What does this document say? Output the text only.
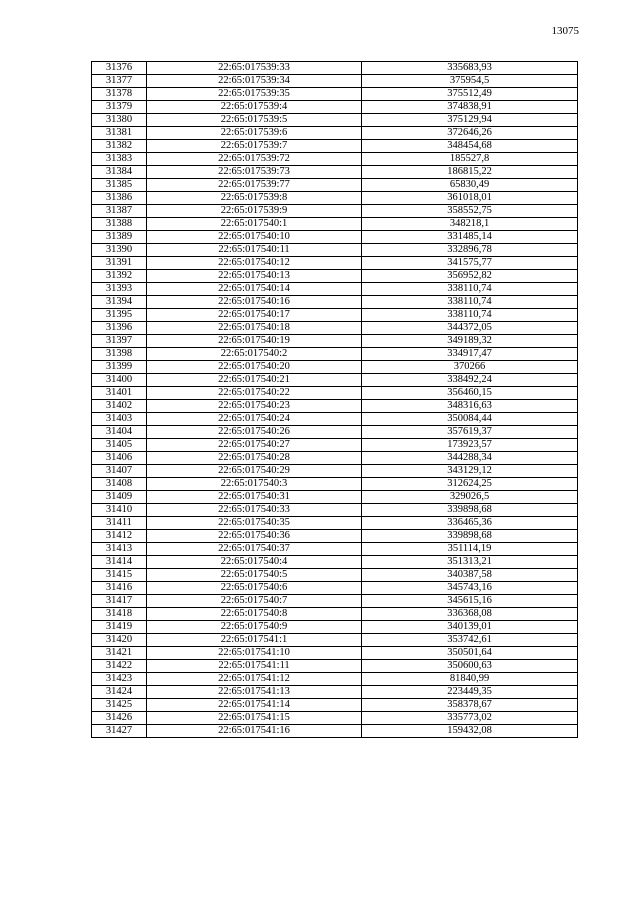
13075
31376	22:65:017539:33	335683,93
31377	22:65:017539:34	375954,5
31378	22:65:017539:35	375512,49
31379	22:65:017539:4	374838,91
31380	22:65:017539:5	375129,94
31381	22:65:017539:6	372646,26
31382	22:65:017539:7	348454,68
31383	22:65:017539:72	185527,8
31384	22:65:017539:73	186815,22
31385	22:65:017539:77	65830,49
31386	22:65:017539:8	361018,01
31387	22:65:017539:9	358552,75
31388	22:65:017540:1	348218,1
31389	22:65:017540:10	331485,14
31390	22:65:017540:11	332896,78
31391	22:65:017540:12	341575,77
31392	22:65:017540:13	356952,82
31393	22:65:017540:14	338110,74
31394	22:65:017540:16	338110,74
31395	22:65:017540:17	338110,74
31396	22:65:017540:18	344372,05
31397	22:65:017540:19	349189,32
31398	22:65:017540:2	334917,47
31399	22:65:017540:20	370266
31400	22:65:017540:21	338492,24
31401	22:65:017540:22	356460,15
31402	22:65:017540:23	348316,63
31403	22:65:017540:24	350084,44
31404	22:65:017540:26	357619,37
31405	22:65:017540:27	173923,57
31406	22:65:017540:28	344288,34
31407	22:65:017540:29	343129,12
31408	22:65:017540:3	312624,25
31409	22:65:017540:31	329026,5
31410	22:65:017540:33	339898,68
31411	22:65:017540:35	336465,36
31412	22:65:017540:36	339898,68
31413	22:65:017540:37	351114,19
31414	22:65:017540:4	351313,21
31415	22:65:017540:5	340387,58
31416	22:65:017540:6	345743,16
31417	22:65:017540:7	345615,16
31418	22:65:017540:8	336368,08
31419	22:65:017540:9	340139,01
31420	22:65:017541:1	353742,61
31421	22:65:017541:10	350501,64
31422	22:65:017541:11	350600,63
31423	22:65:017541:12	81840,99
31424	22:65:017541:13	223449,35
31425	22:65:017541:14	358378,67
31426	22:65:017541:15	335773,02
31427	22:65:017541:16	159432,08
